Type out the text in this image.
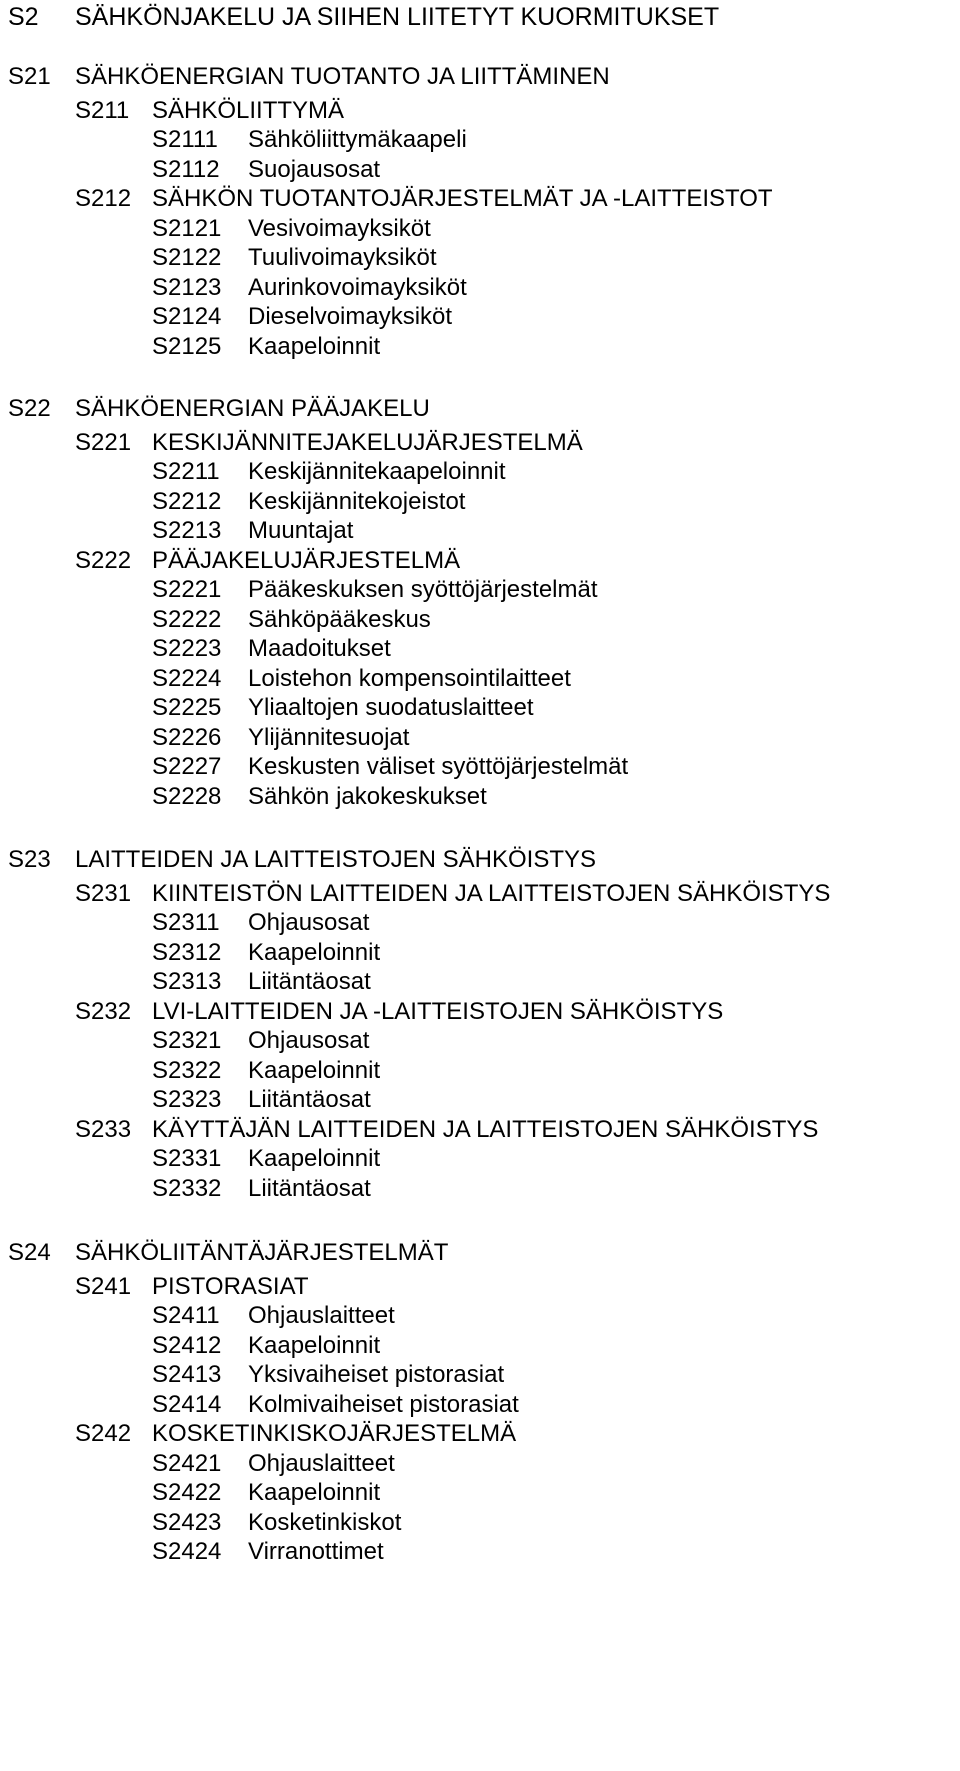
S2 SÄHKÖNJAKELU JA SIIHEN LIITETYT KUORMITUKSET
S21 SÄHKÖENERGIAN TUOTANTO JA LIITTÄMINEN
S211 SÄHKÖLIITTYMÄ
S2111 Sähköliittymäkaapeli
S2112 Suojausosat
S212 SÄHKÖN TUOTANTOJÄRJESTELMÄT JA -LAITTEISTOT
S2121 Vesivoimayksiköt
S2122 Tuulivoimayksiköt
S2123 Aurinkovoimayksiköt
S2124 Dieselvoimayksiköt
S2125 Kaapeloinnit
S22 SÄHKÖENERGIAN PÄÄJAKELU
S221 KESKIJÄNNITEJAKELUJÄRJESTELMÄ
S2211 Keskijännitekaapeloinnit
S2212 Keskijännitekojeistot
S2213 Muuntajat
S222 PÄÄJAKELUJÄRJESTELMÄ
S2221 Pääkeskuksen syöttöjärjestelmät
S2222 Sähköpääkeskus
S2223 Maadoitukset
S2224 Loistehon kompensointilaitteet
S2225 Yliaaltojen suodatuslaitteet
S2226 Ylijännitesuojat
S2227 Keskusten väliset syöttöjärjestelmät
S2228 Sähkön jakokeskukset
S23 LAITTEIDEN JA LAITTEISTOJEN SÄHKÖISTYS
S231 KIINTEISTÖN LAITTEIDEN JA LAITTEISTOJEN SÄHKÖISTYS
S2311 Ohjausosat
S2312 Kaapeloinnit
S2313 Liitäntäosat
S232 LVI-LAITTEIDEN JA -LAITTEISTOJEN SÄHKÖISTYS
S2321 Ohjausosat
S2322 Kaapeloinnit
S2323 Liitäntäosat
S233 KÄYTTÄJÄN LAITTEIDEN JA LAITTEISTOJEN SÄHKÖISTYS
S2331 Kaapeloinnit
S2332 Liitäntäosat
S24 SÄHKÖLIITÄNTÄJÄRJESTELMÄT
S241 PISTORASIAT
S2411 Ohjauslaitteet
S2412 Kaapeloinnit
S2413 Yksivaiheiset pistorasiat
S2414 Kolmivaiheiset pistorasiat
S242 KOSKETINKISKOJÄRJESTELMÄ
S2421 Ohjauslaitteet
S2422 Kaapeloinnit
S2423 Kosketinkiskot
S2424 Virranottimet
